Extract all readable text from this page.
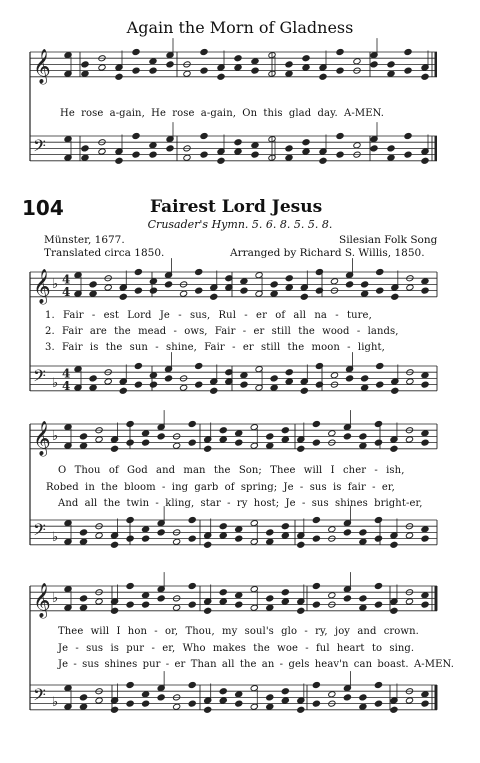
Again the Morn of Gladness
𝄞
𝄢
𝄞 ♭ 4
4
𝄢 ♭
4
4
𝄞 ♭
𝄢 ♭
𝄞 ♭
𝄢 ♭
He rose a-gain, He rose a-gain, On this glad day. A-MEN.
104	Fairest Lord Jesus
Crusader's Hymn. 5. 6. 8. 5. 5. 8.
Münster, 1677.
Translated circa 1850.
Silesian Folk Song
Arranged by Richard S. Willis, 1850.
1. Fair - est Lord Je - sus, Rul - er of all na - ture,
2. Fair are the mead - ows, Fair - er still the wood - lands,
3. Fair is the sun - shine, Fair - er still the moon - light,
O Thou of God and man the Son; Thee will I cher - ish,
Robed in the bloom - ing garb of spring; Je - sus is fair - er,
And all the twin - kling, star - ry host; Je - sus shines bright-er,
Thee will I hon - or, Thou, my soul's glo - ry, joy and crown.
Je - sus is pur - er, Who makes the woe - ful heart to sing.
Je - sus shines pur - er Than all the an - gels heav'n can boast. A-MEN.
